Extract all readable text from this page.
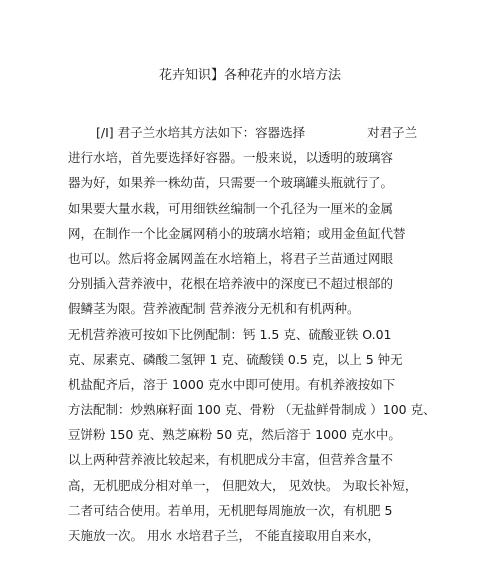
花卉知识】各种花卉的水培方法
[/I] 君子兰水培其方法如下：容器选择	对君子兰
进行水培，首先要选择好容器。一般来说，以透明的玻璃容
器为好，如果养一株幼苗，只需要一个玻璃罐头瓶就行了。
如果要大量水栽，可用细铁丝编制一个孔径为一厘米的金属
网，在制作一个比金属网稍小的玻璃水培箱；或用金鱼缸代替
也可以。然后将金属网盖在水培箱上，将君子兰苗通过网眼
分别插入营养液中，花根在培养液中的深度已不超过根部的
假鳞茎为限。营养液配制 营养液分无机和有机两种。
无机营养液可按如下比例配制：钙 1.5 克、硫酸亚铁 O.01
克、尿素克、磷酸二氢钾 1 克、硫酸镁 0.5 克，以上 5 钟无
机盐配齐后，溶于 1000 克水中即可使用。有机养液按如下
方法配制：炒熟麻籽面 100 克、骨粉 （无盐鲜骨制成 ）100 克、
豆饼粉 150 克、熟芝麻粉 50 克，然后溶于 1000 克水中。
以上两种营养液比较起来，有机肥成分丰富，但营养含量不
高，无机肥成分相对单一， 但肥效大， 见效快。 为取长补短，
二者可结合使用。若单用，无机肥每周施放一次，有机肥 5
天施放一次。 用水 水培君子兰， 不能直接取用自来水，
